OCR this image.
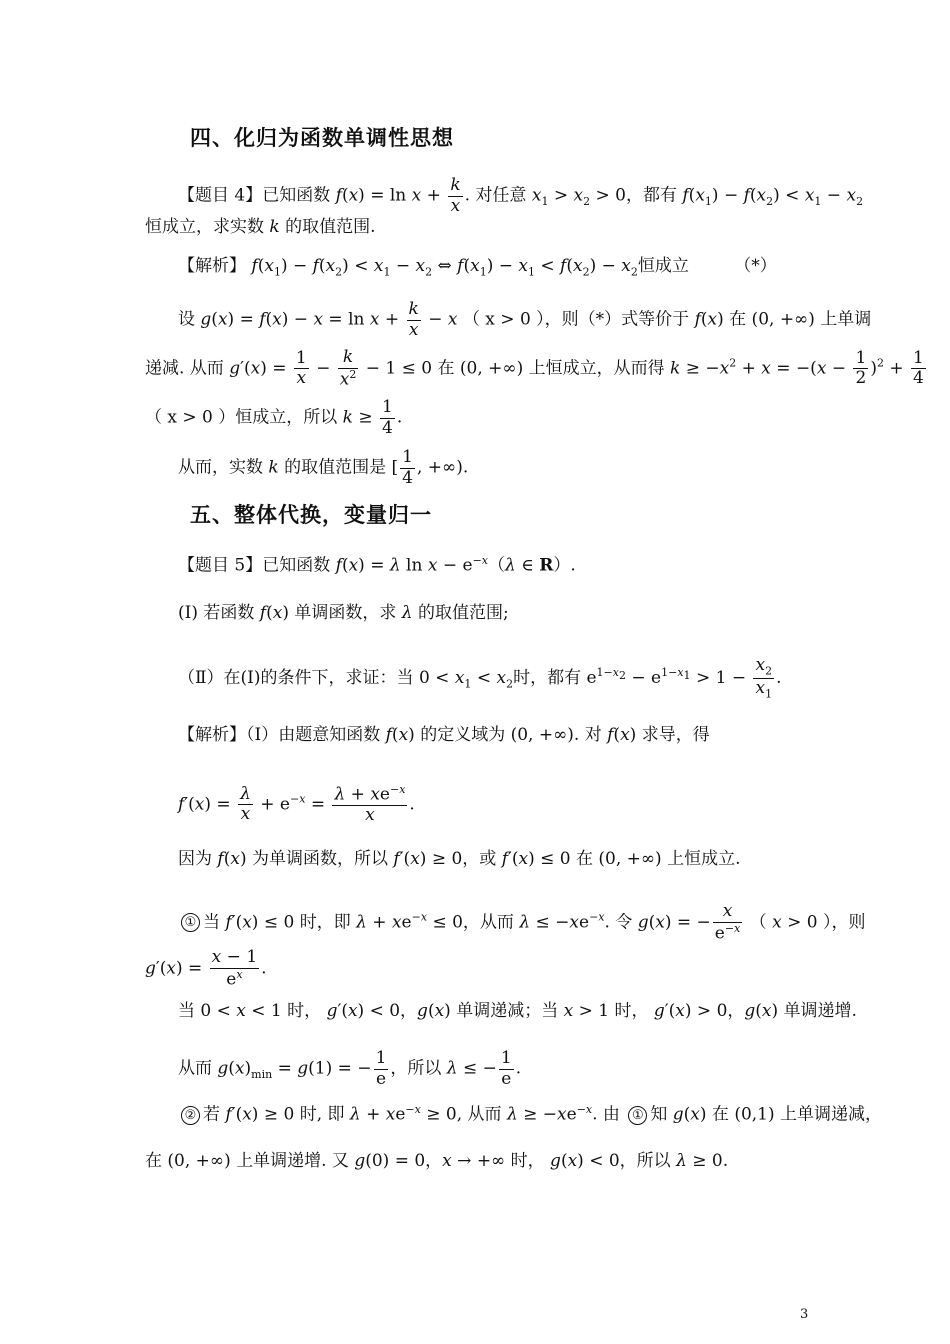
四、化归为函数单调性思想
【题目 4】已知函数 $f(x) = \ln x + \frac{k}{x}$ . 对任意 $x_1 > x_2 > 0$，都有 $f(x_1) - f(x_2) < x_1 - x_2$
恒成立，求实数 k 的取值范围.
【解析】 $f(x_1) - f(x_2) < x_1 - x_2$ ⇔ $f(x_1) - x_1 < f(x_2) - x_2$恒成立	（*）
设 $g(x) = f(x) - x = \ln x + \frac{k}{x} - x$ （ x > 0 ），则（*）式等价于 f(x) 在 (0, +∞) 上单调
递减. 从而 $g'(x) = \frac{1}{x} - \frac{k}{x^2} - 1 \le 0$ 在 (0, +∞) 上恒成立，从而得 $k \ge -x^2 + x = -(x - \frac{1}{2} )^2 + \frac{1}{4}$
（ x > 0 ）恒成立，所以 $k \ge \frac{1}{4}$ .
从而，实数 k 的取值范围是 [ $\frac{1}{4}$ , +∞).
五、整体代换，变量归一
【题目 5】已知函数 f(x) = λ $\ln x - e^{-x}(\lambda$ ∈ R）.
(Ⅰ) 若函数 f(x) 单调函数，求 λ 的取值范围;
（Ⅱ）在(Ⅰ)的条件下，求证：当 $0 < x_1 < x_2$时，都有 $e^{1-x_2} - e^{1-x_1} > 1 - \frac{x_2}{x_1}$ .
【解析】（Ⅰ）由题意知函数 f(x) 的定义域为 (0, +∞). 对 f(x) 求导，得
$f'(x) = \frac{\lambda}{x} + e^{-x} = \frac{\lambda + xe^{-x}}{x}$ .
因为 f(x) 为单调函数，所以 f′(x) ≥ 0，或 f′(x) ≤ 0 在 (0, +∞) 上恒成立.
① 当 f′(x) ≤ 0 时，即 $\lambda + xe^{-x} \le 0$，从而 $\lambda \le -xe^{-x}$. 令 g(x) = − $\frac{x}{e^{-x}}$ （ x > 0 ），则
$g'(x) = \frac{x - 1}{e^x}$ .
当 0 < x < 1 时， g′(x) < 0，g(x) 单调递减；当 x > 1 时， g′(x) > 0，g(x) 单调递增.
从而 $g(x)_{min} = g(1)$ = − $\frac{1}{e}$ ，所以 λ ≤ − $\frac{1}{e}$ .
② 若 f′(x) ≥ 0 时, 即 $\lambda + xe^{-x} \ge 0$, 从而 $\lambda \ge -xe^{-x}$. 由 ① 知 g(x) 在 (0,1) 上单调递减，
在 (0, +∞) 上单调递增. 又 g(0) = 0，x → +∞ 时， g(x) < 0，所以 λ ≥ 0.
3
